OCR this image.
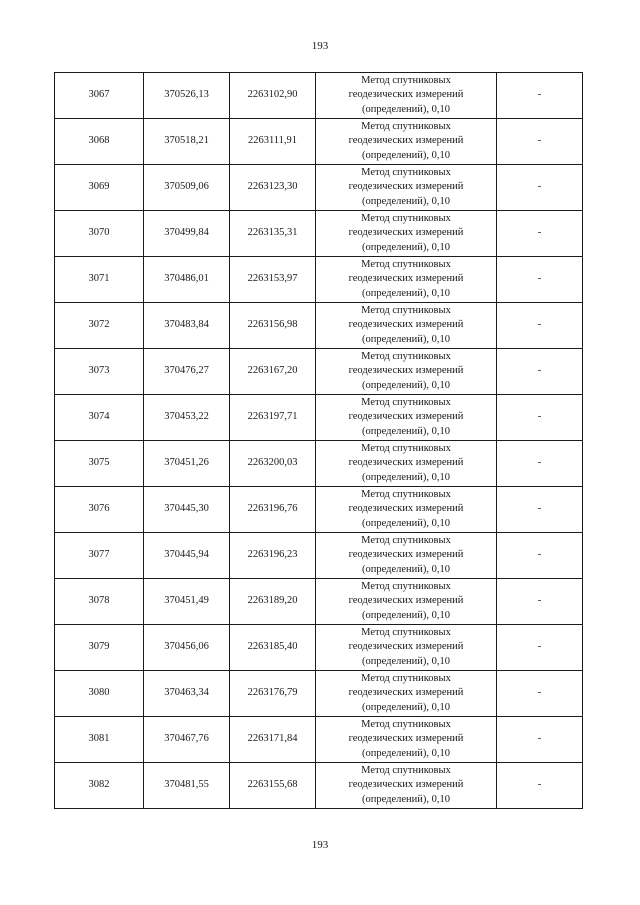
193
3067	370526,13	2263102,90	Метод спутниковых
геодезических измерений
(определений), 0,10	-
3068	370518,21	2263111,91	Метод спутниковых
геодезических измерений
(определений), 0,10	-
3069	370509,06	2263123,30	Метод спутниковых
геодезических измерений
(определений), 0,10	-
3070	370499,84	2263135,31	Метод спутниковых
геодезических измерений
(определений), 0,10	-
3071	370486,01	2263153,97	Метод спутниковых
геодезических измерений
(определений), 0,10	-
3072	370483,84	2263156,98	Метод спутниковых
геодезических измерений
(определений), 0,10	-
3073	370476,27	2263167,20	Метод спутниковых
геодезических измерений
(определений), 0,10	-
3074	370453,22	2263197,71	Метод спутниковых
геодезических измерений
(определений), 0,10	-
3075	370451,26	2263200,03	Метод спутниковых
геодезических измерений
(определений), 0,10	-
3076	370445,30	2263196,76	Метод спутниковых
геодезических измерений
(определений), 0,10	-
3077	370445,94	2263196,23	Метод спутниковых
геодезических измерений
(определений), 0,10	-
3078	370451,49	2263189,20	Метод спутниковых
геодезических измерений
(определений), 0,10	-
3079	370456,06	2263185,40	Метод спутниковых
геодезических измерений
(определений), 0,10	-
3080	370463,34	2263176,79	Метод спутниковых
геодезических измерений
(определений), 0,10	-
3081	370467,76	2263171,84	Метод спутниковых
геодезических измерений
(определений), 0,10	-
3082	370481,55	2263155,68	Метод спутниковых
геодезических измерений
(определений), 0,10	-
193
